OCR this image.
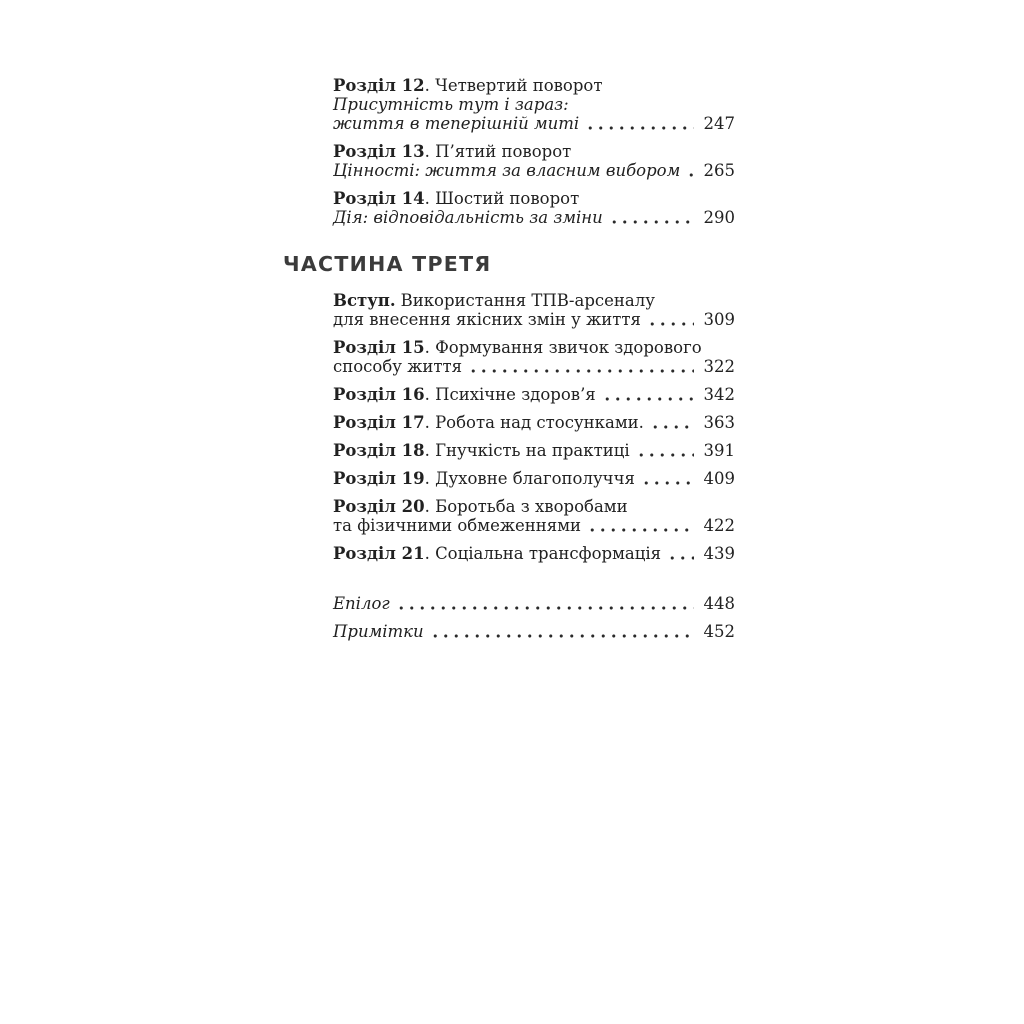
Розділ 12. Четвертий поворот
Присутність тут і зараз:
життя в теперішній миті	247
Розділ 13. П’ятий поворот
Цінності: життя за власним вибором 265
Розділ 14. Шостий поворот
Дія: відповідальність за зміни	290
ЧАСТИНА ТРЕТЯ
Вступ. Використання ТПВ-арсеналу
для внесення якісних змін у життя	309
Розділ 15. Формування звичок здорового
способу життя	322
Розділ 16. Психічне здоров’я	342
Розділ 17. Робота над стосунками.	363
Розділ 18. Гнучкість на практиці	391
Розділ 19. Духовне благополуччя	409
Розділ 20. Боротьба з хворобами
та фізичними обмеженнями	422
Розділ 21. Соціальна трансформація	439
Епілог	448
Примітки	452
